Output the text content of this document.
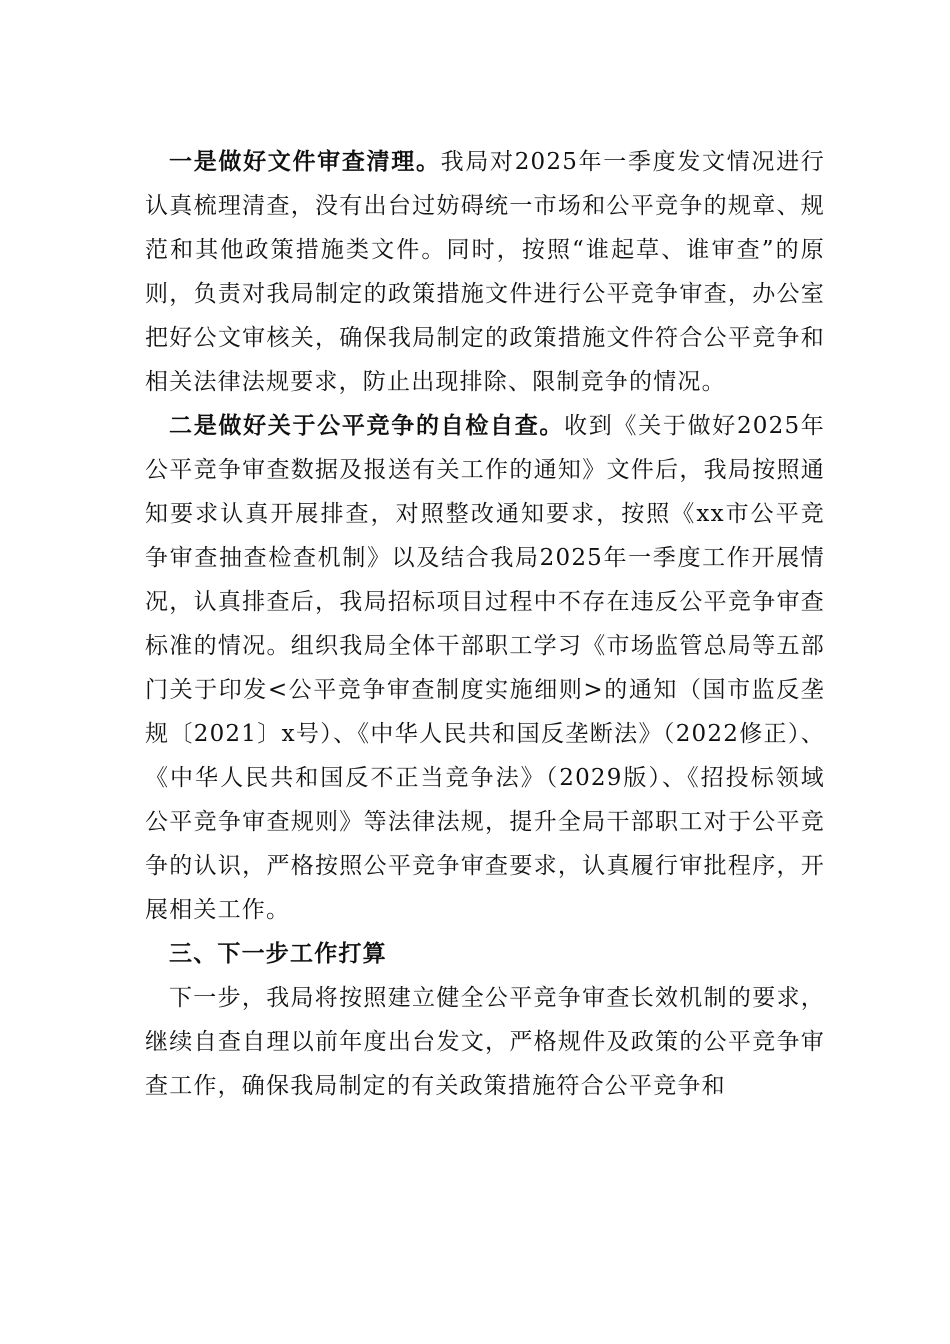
一是做好文件审查清理。我局对2025年一季度发文情况进行认真梳理清查，没有出台过妨碍统一市场和公平竞争的规章、规范和其他政策措施类文件。同时，按照“谁起草、谁审查”的原则，负责对我局制定的政策措施文件进行公平竞争审查，办公室把好公文审核关，确保我局制定的政策措施文件符合公平竞争和相关法律法规要求，防止出现排除、限制竞争的情况。

二是做好关于公平竞争的自检自查。收到《关于做好2025年公平竞争审查数据及报送有关工作的通知》文件后，我局按照通知要求认真开展排查，对照整改通知要求，按照《xx市公平竞争审查抽查检查机制》以及结合我局2025年一季度工作开展情况，认真排查后，我局招标项目过程中不存在违反公平竞争审查标准的情况。组织我局全体干部职工学习《市场监管总局等五部门关于印发<公平竞争审查制度实施细则>的通知（国市监反垄规〔2021〕x号）、《中华人民共和国反垄断法》（2022修正）、《中华人民共和国反不正当竞争法》（2029版）、《招投标领域公平竞争审查规则》等法律法规，提升全局干部职工对于公平竞争的认识，严格按照公平竞争审查要求，认真履行审批程序，开展相关工作。

三、下一步工作打算

下一步，我局将按照建立健全公平竞争审查长效机制的要求，继续自查自理以前年度出台发文，严格规件及政策的公平竞争审查工作，确保我局制定的有关政策措施符合公平竞争和
